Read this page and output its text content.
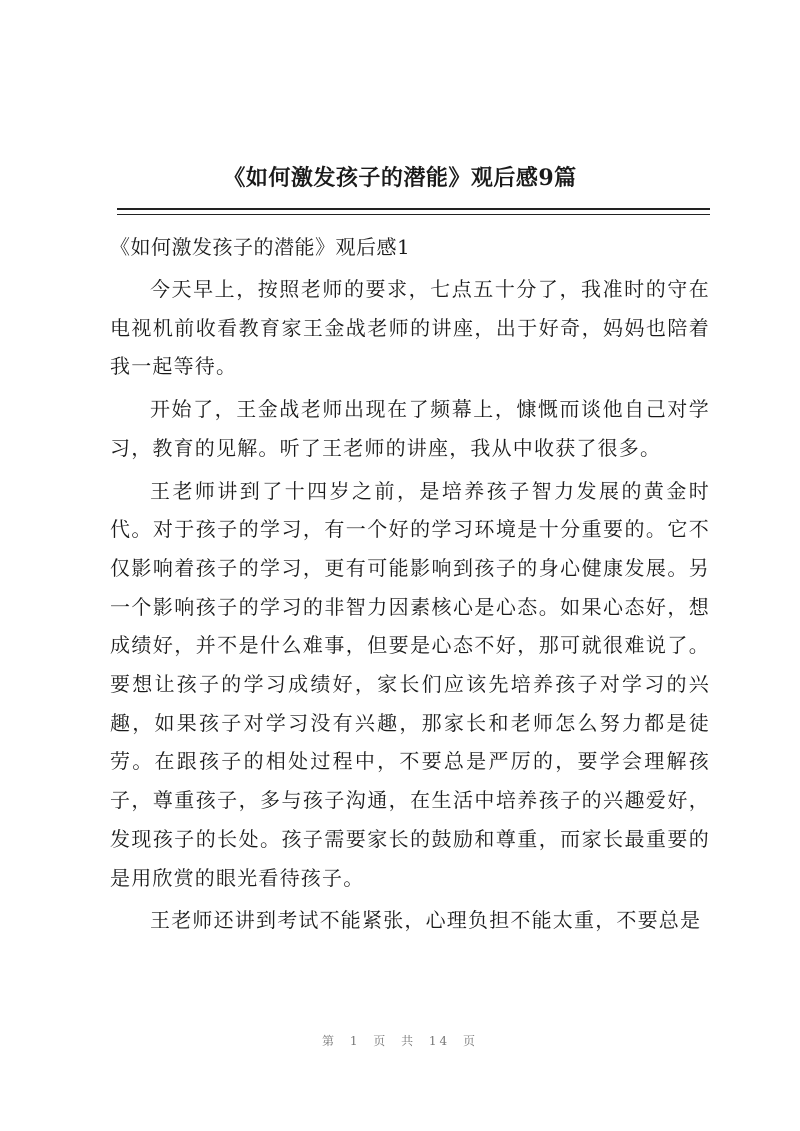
《如何激发孩子的潜能》观后感9篇
《如何激发孩子的潜能》观后感1

今天早上，按照老师的要求，七点五十分了，我准时的守在电视机前收看教育家王金战老师的讲座，出于好奇，妈妈也陪着我一起等待。

开始了，王金战老师出现在了频幕上，慷慨而谈他自己对学习，教育的见解。听了王老师的讲座，我从中收获了很多。

王老师讲到了十四岁之前，是培养孩子智力发展的黄金时代。对于孩子的学习，有一个好的学习环境是十分重要的。它不仅影响着孩子的学习，更有可能影响到孩子的身心健康发展。另一个影响孩子的学习的非智力因素核心是心态。如果心态好，想成绩好，并不是什么难事，但要是心态不好，那可就很难说了。要想让孩子的学习成绩好，家长们应该先培养孩子对学习的兴趣，如果孩子对学习没有兴趣，那家长和老师怎么努力都是徒劳。在跟孩子的相处过程中，不要总是严厉的，要学会理解孩子，尊重孩子，多与孩子沟通，在生活中培养孩子的兴趣爱好，发现孩子的长处。孩子需要家长的鼓励和尊重，而家长最重要的是用欣赏的眼光看待孩子。

王老师还讲到考试不能紧张，心理负担不能太重，不要总是

第 1 页 共 14 页
